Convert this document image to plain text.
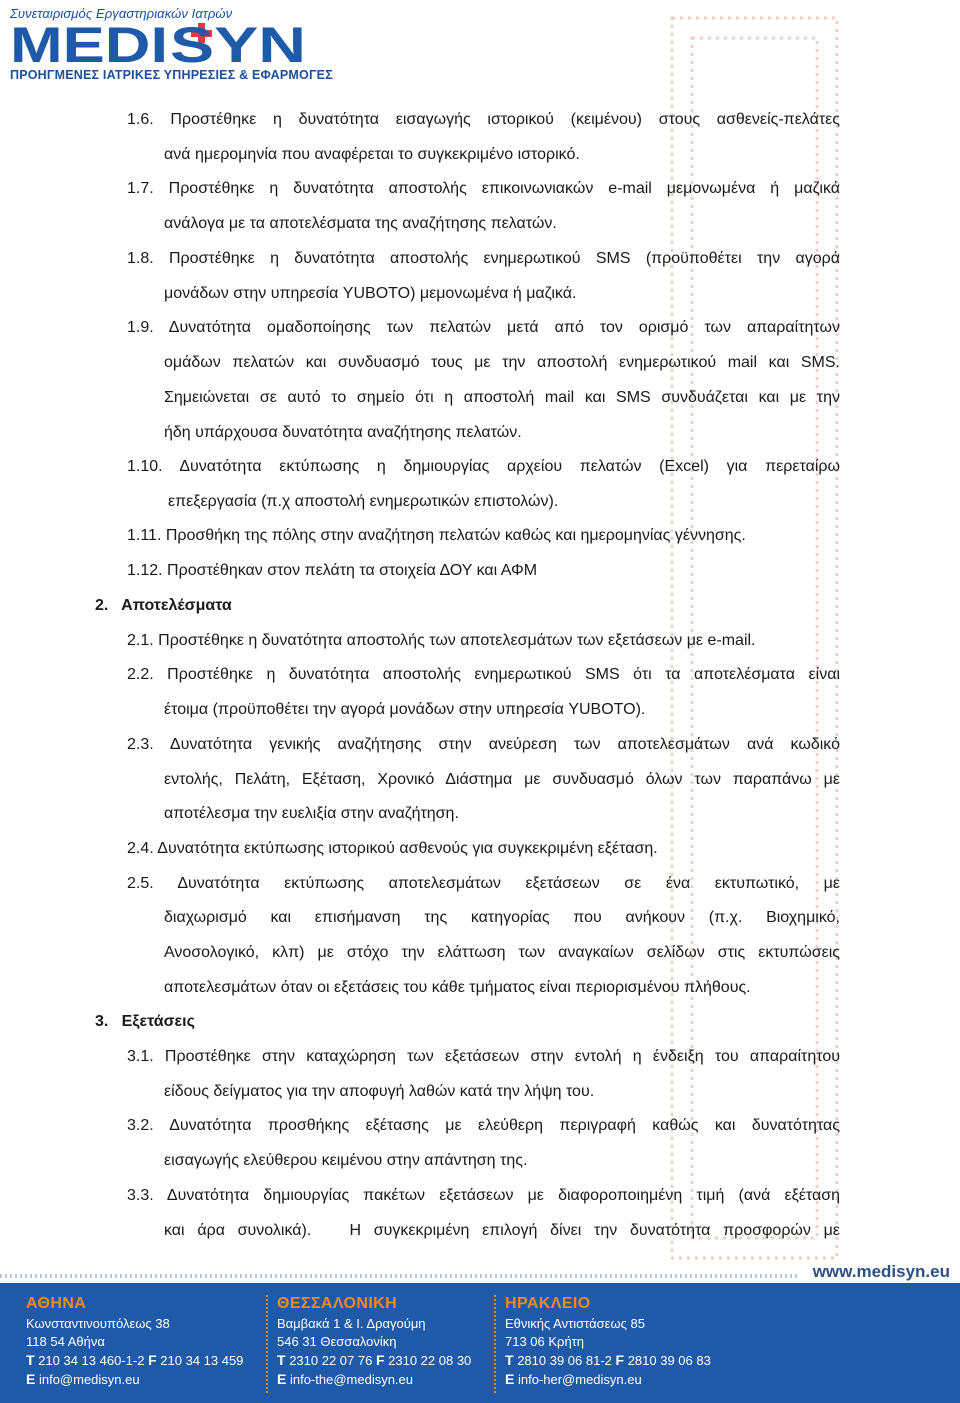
Συνεταιρισμός Εργαστηριακών Ιατρών
MEDI SYN
ΠΡΟΗΓΜΕΝΕΣ ΙΑΤΡΙΚΕΣ ΥΠΗΡΕΣΙΕΣ & ΕΦΑΡΜΟΓΕΣ
1.6. Προστέθηκε η δυνατότητα εισαγωγής ιστορικού (κειμένου) στους ασθενείς-πελάτες
ανά ημερομηνία που αναφέρεται το συγκεκριμένο ιστορικό.
1.7. Προστέθηκε η δυνατότητα αποστολής επικοινωνιακών e-mail μεμονωμένα ή μαζικά
ανάλογα με τα αποτελέσματα της αναζήτησης πελατών.
1.8. Προστέθηκε η δυνατότητα αποστολής ενημερωτικού SMS (προϋποθέτει την αγορά
μονάδων στην υπηρεσία YUBOTO) μεμονωμένα ή μαζικά.
1.9. Δυνατότητα ομαδοποίησης των πελατών μετά από τον ορισμό των απαραίτητων
ομάδων πελατών και συνδυασμό τους με την αποστολή ενημερωτικού mail και SMS.
Σημειώνεται σε αυτό το σημείο ότι η αποστολή mail και SMS συνδυάζεται και με την
ήδη υπάρχουσα δυνατότητα αναζήτησης πελατών.
1.10. Δυνατότητα εκτύπωσης η δημιουργίας αρχείου πελατών (Excel) για περεταίρω
επεξεργασία (π.χ αποστολή ενημερωτικών επιστολών).
1.11. Προσθήκη της πόλης στην αναζήτηση πελατών καθώς και ημερομηνίας γέννησης.
1.12. Προστέθηκαν στον πελάτη τα στοιχεία ΔΟΥ και ΑΦΜ
2.   Αποτελέσματα
2.1. Προστέθηκε η δυνατότητα αποστολής των αποτελεσμάτων των εξετάσεων με e-mail.
2.2. Προστέθηκε η δυνατότητα αποστολής ενημερωτικού SMS ότι τα αποτελέσματα είναι
έτοιμα (προϋποθέτει την αγορά μονάδων στην υπηρεσία YUBOTO).
2.3. Δυνατότητα γενικής αναζήτησης στην ανεύρεση των αποτελεσμάτων ανά κωδικό
εντολής, Πελάτη, Εξέταση, Χρονικό Διάστημα με συνδυασμό όλων των παραπάνω με
αποτέλεσμα την ευελιξία στην αναζήτηση.
2.4. Δυνατότητα εκτύπωσης ιστορικού ασθενούς για συγκεκριμένη εξέταση.
2.5. Δυνατότητα εκτύπωσης αποτελεσμάτων εξετάσεων σε ένα εκτυπωτικό, με
διαχωρισμό και επισήμανση της κατηγορίας που ανήκουν (π.χ. Βιοχημικό,
Ανοσολογικό, κλπ) με στόχο την ελάττωση των αναγκαίων σελίδων στις εκτυπώσεις
αποτελεσμάτων όταν οι εξετάσεις του κάθε τμήματος είναι περιορισμένου πλήθους.
3.   Εξετάσεις
3.1. Προστέθηκε στην καταχώρηση των εξετάσεων στην εντολή η ένδειξη του απαραίτητου
είδους δείγματος για την αποφυγή λαθών κατά την λήψη του.
3.2. Δυνατότητα προσθήκης εξέτασης με ελεύθερη περιγραφή καθώς και δυνατότητας
εισαγωγής ελεύθερου κειμένου στην απάντηση της.
3.3. Δυνατότητα δημιουργίας πακέτων εξετάσεων με διαφοροποιημένη τιμή (ανά εξέταση
και άρα συνολικά).   Η συγκεκριμένη επιλογή δίνει την δυνατότητα προσφορών με
www.medisyn.eu
ΑΘΗΝΑ
Κωνσταντινουπόλεως 38
118 54 Αθήνα
T 210 34 13 460-1-2 F 210 34 13 459
E info@medisyn.eu
ΘΕΣΣΑΛΟΝΙΚΗ
Βαμβακά 1 & Ι. Δραγούμη
546 31 Θεσσαλονίκη
T 2310 22 07 76 F 2310 22 08 30
E info-the@medisyn.eu
ΗΡΑΚΛΕΙΟ
Εθνικής Αντιστάσεως 85
713 06 Κρήτη
T 2810 39 06 81-2 F 2810 39 06 83
E info-her@medisyn.eu
